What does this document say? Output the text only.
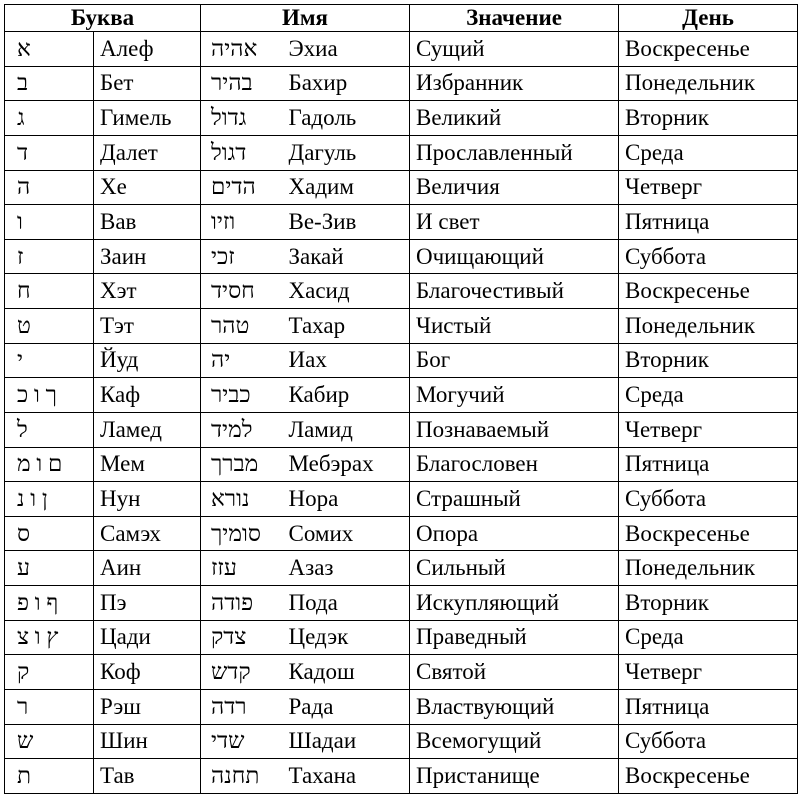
Буква		Имя		Значение	День
א	Алеф	אהיה	Эхиа	Сущий	Воскресенье
ב	Бет	בהיר	Бахир	Избранник	Понедельник
ג	Гимель	גדול	Гадоль	Великий	Вторник
ד	Далет	דגול	Дагуль	Прославленный	Среда
ה	Хе	הדים	Хадим	Величия	Четверг
ו	Вав	וזיו	Ве-Зив	И свет	Пятница
ז	Заин	זכי	Закай	Очищающий	Суббота
ח	Хэт	חסיד	Хасид	Благочестивый	Воскресенье
ט	Тэт	טהר	Тахар	Чистый	Понедельник
י	Йуд	יה	Иах	Бог	Вторник
ך ו כ	Каф	כביר	Кабир	Могучий	Среда
ל	Ламед	למיד	Ламид	Познаваемый	Четверг
ם ו מ	Мем	מברך	Мебэрах	Благословен	Пятница
ן ו נ	Нун	נורא	Нора	Страшный	Суббота
ס	Самэх	סומיך	Сомих	Опора	Воскресенье
ע	Аин	עזז	Азаз	Сильный	Понедельник
ף ו פ	Пэ	פודה	Пода	Искупляющий	Вторник
ץ ו צ	Цади	צדק	Цедэк	Праведный	Среда
ק	Коф	קדש	Кадош	Святой	Четверг
ר	Рэш	רדה	Рада	Властвующий	Пятница
ש	Шин	שדי	Шадаи	Всемогущий	Суббота
ת	Тав	תחנה	Тахана	Пристанище	Воскресенье
